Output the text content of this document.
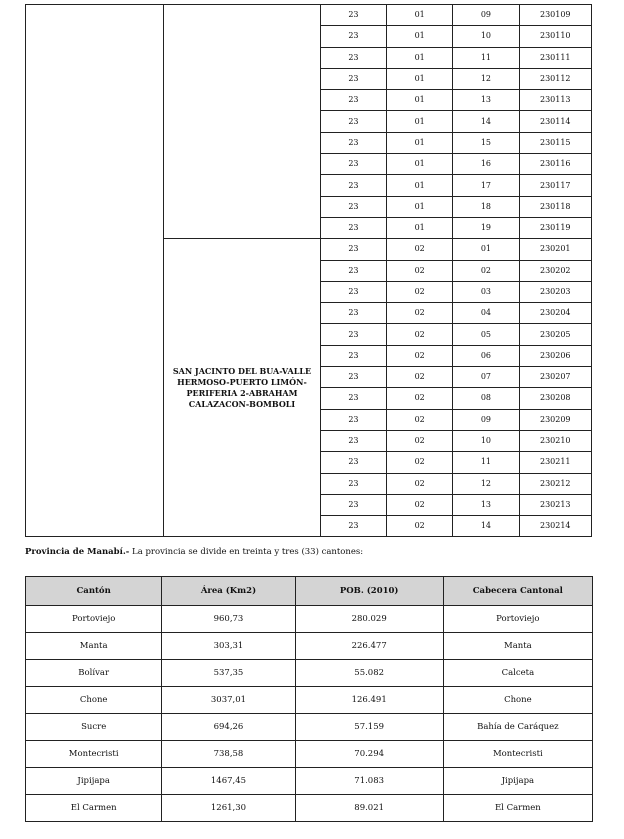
		23	01	09	230109
		23	01	10	230110
		23	01	11	230111
		23	01	12	230112
		23	01	13	230113
		23	01	14	230114
		23	01	15	230115
		23	01	16	230116
		23	01	17	230117
		23	01	18	230118
		23	01	19	230119
	SAN JACINTO DEL BUA-VALLE HERMOSO-PUERTO LIMÓN-PERIFERIA 2-ABRAHAM CALAZACON-BOMBOLI	23	02	01	230201
		23	02	02	230202
		23	02	03	230203
		23	02	04	230204
		23	02	05	230205
		23	02	06	230206
		23	02	07	230207
		23	02	08	230208
		23	02	09	230209
		23	02	10	230210
		23	02	11	230211
		23	02	12	230212
		23	02	13	230213
		23	02	14	230214
Provincia de Manabí.- La provincia se divide en treinta y tres (33) cantones:
Cantón	Área (Km2)	POB. (2010)	Cabecera Cantonal
Portoviejo	960,73	280.029	Portoviejo
Manta	303,31	226.477	Manta
Bolívar	537,35	55.082	Calceta
Chone	3037,01	126.491	Chone
Sucre	694,26	57.159	Bahía de Caráquez
Montecristi	738,58	70.294	Montecristi
Jipijapa	1467,45	71.083	Jipijapa
El Carmen	1261,30	89.021	El Carmen
